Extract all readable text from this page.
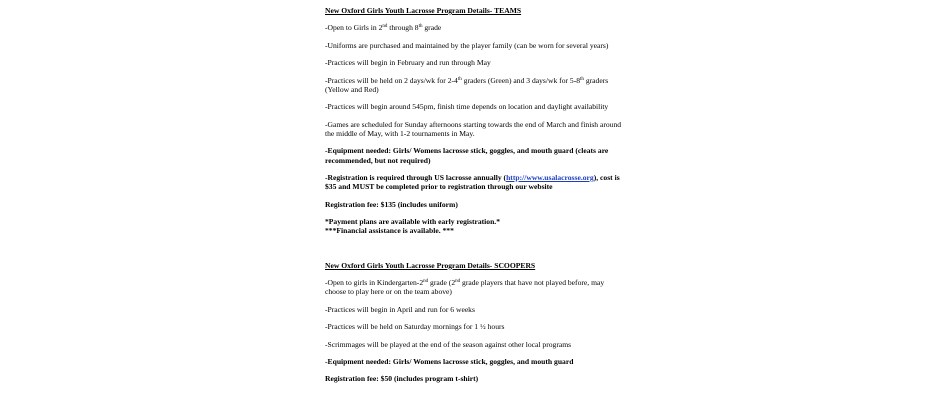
New Oxford Girls Youth Lacrosse Program Details- TEAMS
-Open to Girls in 2nd through 8th grade
-Uniforms are purchased and maintained by the player family (can be worn for several years)
-Practices will begin in February and run through May
-Practices will be held on 2 days/wk for 2-4th graders (Green) and 3 days/wk for 5-8th graders (Yellow and Red)
-Practices will begin around 545pm, finish time depends on location and daylight availability
-Games are scheduled for Sunday afternoons starting towards the end of March and finish around the middle of May, with 1-2 tournaments in May.
-Equipment needed: Girls/ Womens lacrosse stick, goggles, and mouth guard (cleats are recommended, but not required)
-Registration is required through US lacrosse annually (http://www.usalacrosse.org), cost is $35 and MUST be completed prior to registration through our website
Registration fee: $135 (includes uniform)
*Payment plans are available with early registration.*
***Financial assistance is available. ***
New Oxford Girls Youth Lacrosse Program Details- SCOOPERS
-Open to girls in Kindergarten-2nd grade (2nd grade players that have not played before, may choose to play here or on the team above)
-Practices will begin in April and run for 6 weeks
-Practices will be held on Saturday mornings for 1 ½ hours
-Scrimmages will be played at the end of the season against other local programs
-Equipment needed: Girls/ Womens lacrosse stick, goggles, and mouth guard
Registration fee: $50 (includes program t-shirt)
